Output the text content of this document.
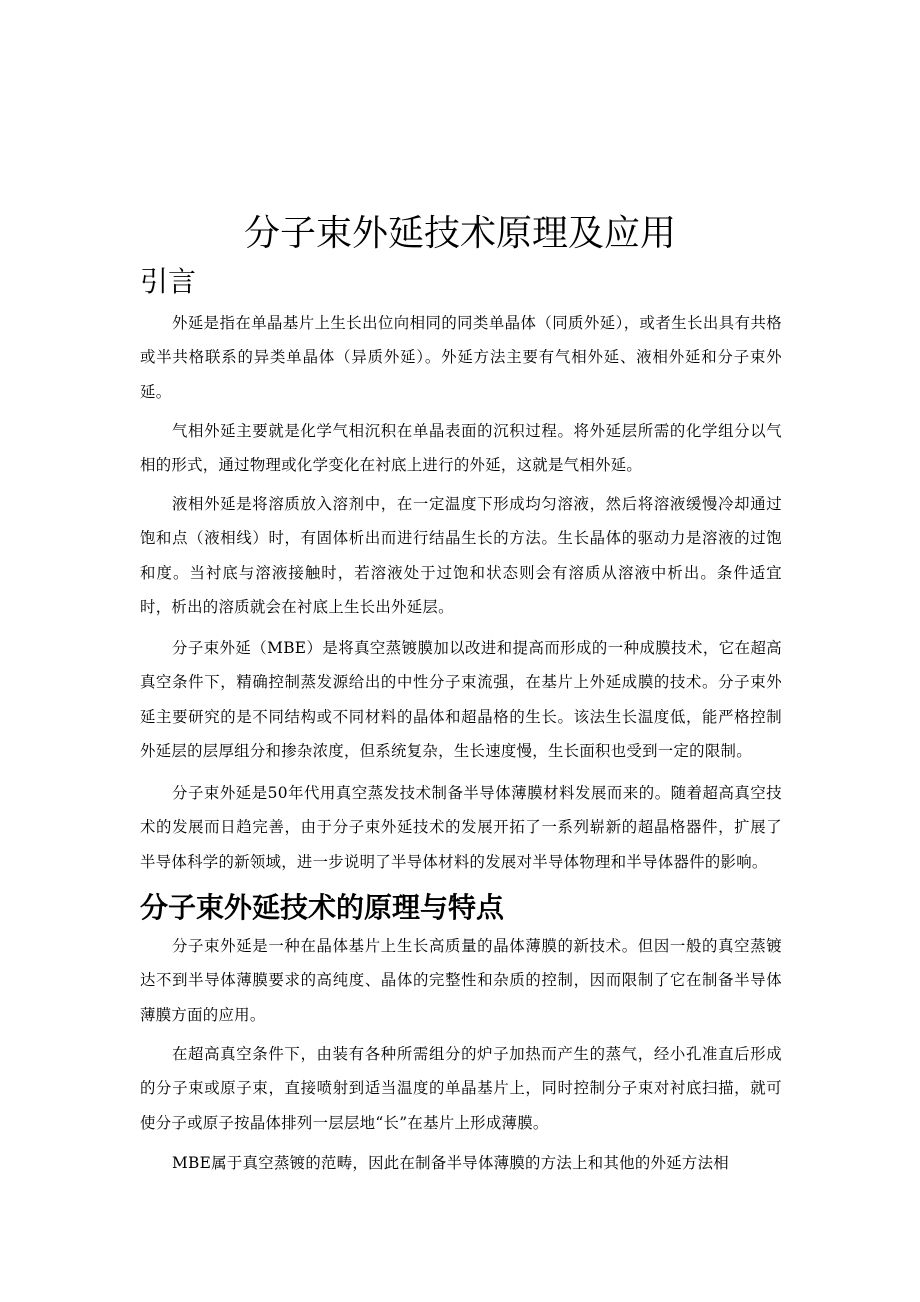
分子束外延技术原理及应用
引言

外延是指在单晶基片上生长出位向相同的同类单晶体（同质外延），或者生长出具有共格或半共格联系的异类单晶体（异质外延）。外延方法主要有气相外延、液相外延和分子束外延。

气相外延主要就是化学气相沉积在单晶表面的沉积过程。将外延层所需的化学组分以气相的形式，通过物理或化学变化在衬底上进行的外延，这就是气相外延。

液相外延是将溶质放入溶剂中，在一定温度下形成均匀溶液，然后将溶液缓慢冷却通过饱和点（液相线）时，有固体析出而进行结晶生长的方法。生长晶体的驱动力是溶液的过饱和度。当衬底与溶液接触时，若溶液处于过饱和状态则会有溶质从溶液中析出。条件适宜时，析出的溶质就会在衬底上生长出外延层。

分子束外延（MBE）是将真空蒸镀膜加以改进和提高而形成的一种成膜技术，它在超高真空条件下，精确控制蒸发源给出的中性分子束流强，在基片上外延成膜的技术。分子束外延主要研究的是不同结构或不同材料的晶体和超晶格的生长。该法生长温度低，能严格控制外延层的层厚组分和掺杂浓度，但系统复杂，生长速度慢，生长面积也受到一定的限制。

分子束外延是50年代用真空蒸发技术制备半导体薄膜材料发展而来的。随着超高真空技术的发展而日趋完善，由于分子束外延技术的发展开拓了一系列崭新的超晶格器件，扩展了半导体科学的新领域，进一步说明了半导体材料的发展对半导体物理和半导体器件的影响。

分子束外延技术的原理与特点

分子束外延是一种在晶体基片上生长高质量的晶体薄膜的新技术。但因一般的真空蒸镀达不到半导体薄膜要求的高纯度、晶体的完整性和杂质的控制，因而限制了它在制备半导体薄膜方面的应用。

在超高真空条件下，由装有各种所需组分的炉子加热而产生的蒸气，经小孔准直后形成的分子束或原子束，直接喷射到适当温度的单晶基片上，同时控制分子束对衬底扫描，就可使分子或原子按晶体排列一层层地“长”在基片上形成薄膜。

MBE属于真空蒸镀的范畴，因此在制备半导体薄膜的方法上和其他的外延方法相
